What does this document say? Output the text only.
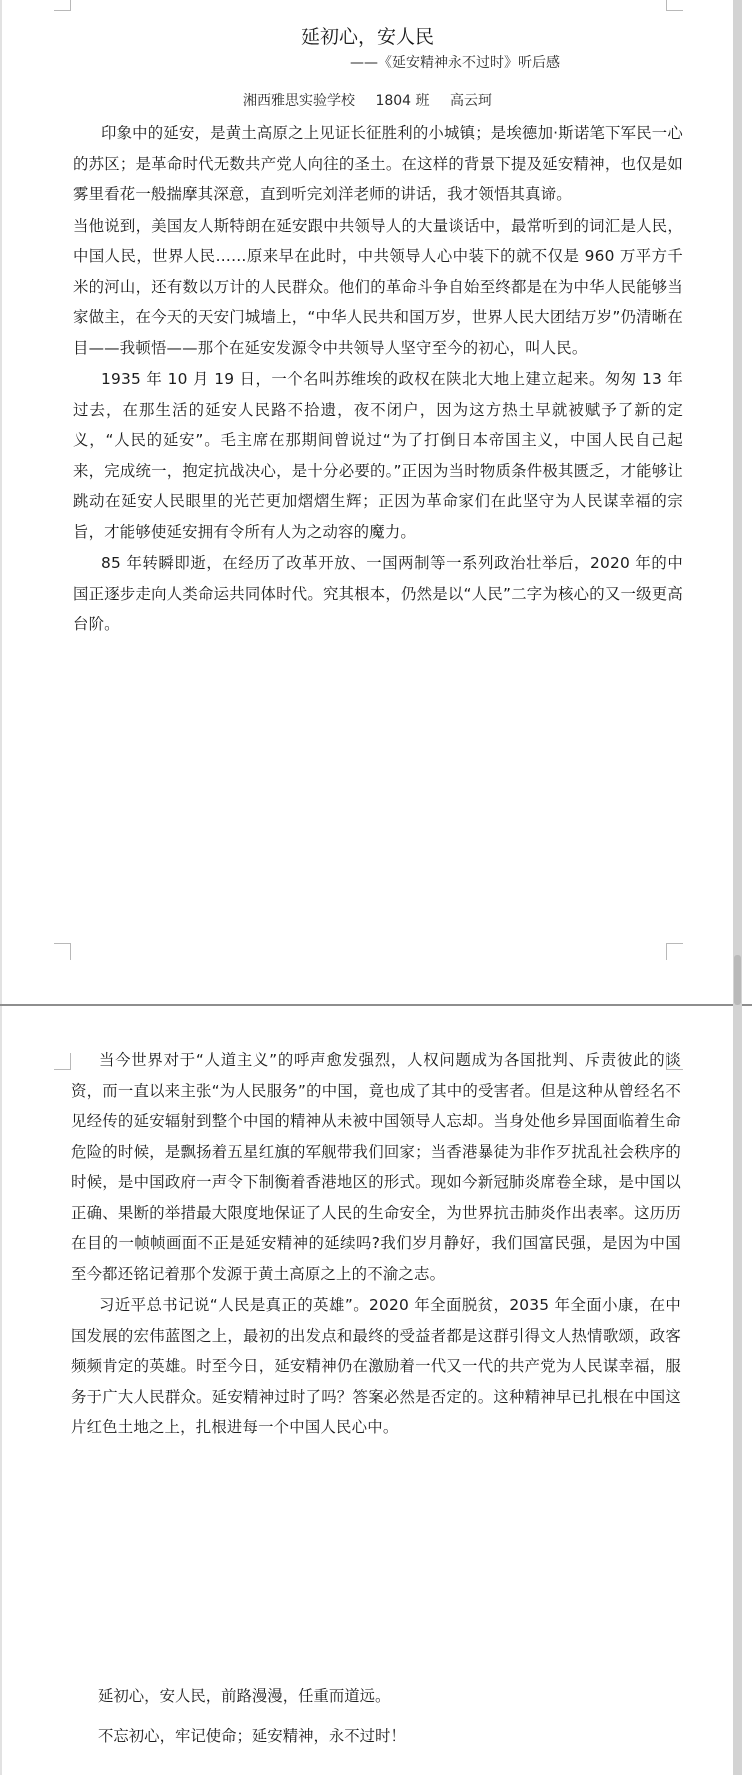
延初心，安人民
——《延安精神永不过时》听后感
湘西雅思实验学校 1804 班 高云珂

印象中的延安，是黄土高原之上见证长征胜利的小城镇；是埃德加·斯诺笔下军民一心的苏区；是革命时代无数共产党人向往的圣土。在这样的背景下提及延安精神，也仅是如雾里看花一般揣摩其深意，直到听完刘洋老师的讲话，我才领悟其真谛。

当他说到，美国友人斯特朗在延安跟中共领导人的大量谈话中，最常听到的词汇是人民，中国人民，世界人民……原来早在此时，中共领导人心中装下的就不仅是 960 万平方千米的河山，还有数以万计的人民群众。他们的革命斗争自始至终都是在为中华人民能够当家做主，在今天的天安门城墙上，“中华人民共和国万岁，世界人民大团结万岁”仍清晰在目——我顿悟——那个在延安发源令中共领导人坚守至今的初心，叫人民。

1935 年 10 月 19 日，一个名叫苏维埃的政权在陕北大地上建立起来。匆匆 13 年过去，在那生活的延安人民路不拾遗，夜不闭户，因为这方热土早就被赋予了新的定义，“人民的延安”。毛主席在那期间曾说过“为了打倒日本帝国主义，中国人民自己起来，完成统一，抱定抗战决心，是十分必要的。”正因为当时物质条件极其匮乏，才能够让跳动在延安人民眼里的光芒更加熠熠生辉；正因为革命家们在此坚守为人民谋幸福的宗旨，才能够使延安拥有令所有人为之动容的魔力。

85 年转瞬即逝，在经历了改革开放、一国两制等一系列政治壮举后，2020 年的中国正逐步走向人类命运共同体时代。究其根本，仍然是以“人民”二字为核心的又一级更高台阶。

当今世界对于“人道主义”的呼声愈发强烈，人权问题成为各国批判、斥责彼此的谈资，而一直以来主张“为人民服务”的中国，竟也成了其中的受害者。但是这种从曾经名不见经传的延安辐射到整个中国的精神从未被中国领导人忘却。当身处他乡异国面临着生命危险的时候，是飘扬着五星红旗的军舰带我们回家；当香港暴徒为非作歹扰乱社会秩序的时候，是中国政府一声令下制衡着香港地区的形式。现如今新冠肺炎席卷全球，是中国以正确、果断的举措最大限度地保证了人民的生命安全，为世界抗击肺炎作出表率。这历历在目的一帧帧画面不正是延安精神的延续吗?我们岁月静好，我们国富民强，是因为中国至今都还铭记着那个发源于黄土高原之上的不渝之志。

习近平总书记说“人民是真正的英雄”。2020 年全面脱贫，2035 年全面小康，在中国发展的宏伟蓝图之上，最初的出发点和最终的受益者都是这群引得文人热情歌颂，政客频频肯定的英雄。时至今日，延安精神仍在激励着一代又一代的共产党为人民谋幸福，服务于广大人民群众。延安精神过时了吗？答案必然是否定的。这种精神早已扎根在中国这片红色土地之上，扎根进每一个中国人民心中。

延初心，安人民，前路漫漫，任重而道远。
不忘初心，牢记使命；延安精神，永不过时！
